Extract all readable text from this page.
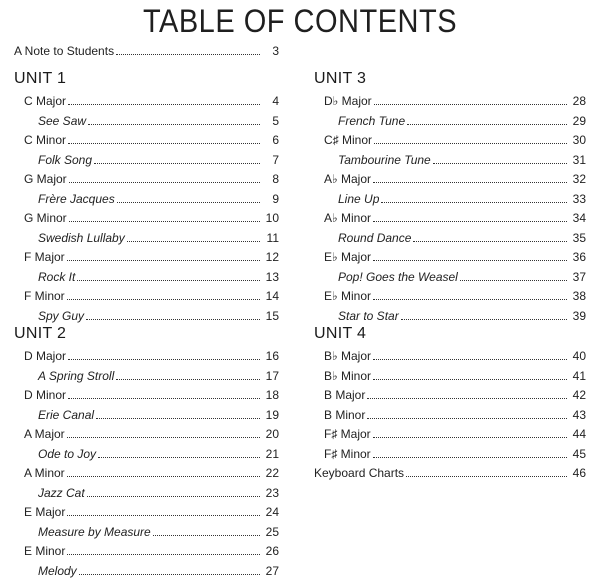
TABLE OF CONTENTS
A Note to Students	3
UNIT 1
C Major	4
See Saw	5
C Minor	6
Folk Song	7
G Major	8
Frère Jacques	9
G Minor	10
Swedish Lullaby	11
F Major	12
Rock It	13
F Minor	14
Spy Guy	15
UNIT 2
D Major	16
A Spring Stroll	17
D Minor	18
Erie Canal	19
A Major	20
Ode to Joy	21
A Minor	22
Jazz Cat	23
E Major	24
Measure by Measure	25
E Minor	26
Melody	27
UNIT 3
D♭ Major	28
French Tune	29
C♯ Minor	30
Tambourine Tune	31
A♭ Major	32
Line Up	33
A♭ Minor	34
Round Dance	35
E♭ Major	36
Pop! Goes the Weasel	37
E♭ Minor	38
Star to Star	39
UNIT 4
B♭ Major	40
B♭ Minor	41
B Major	42
B Minor	43
F♯ Major	44
F♯ Minor	45
Keyboard Charts	46
